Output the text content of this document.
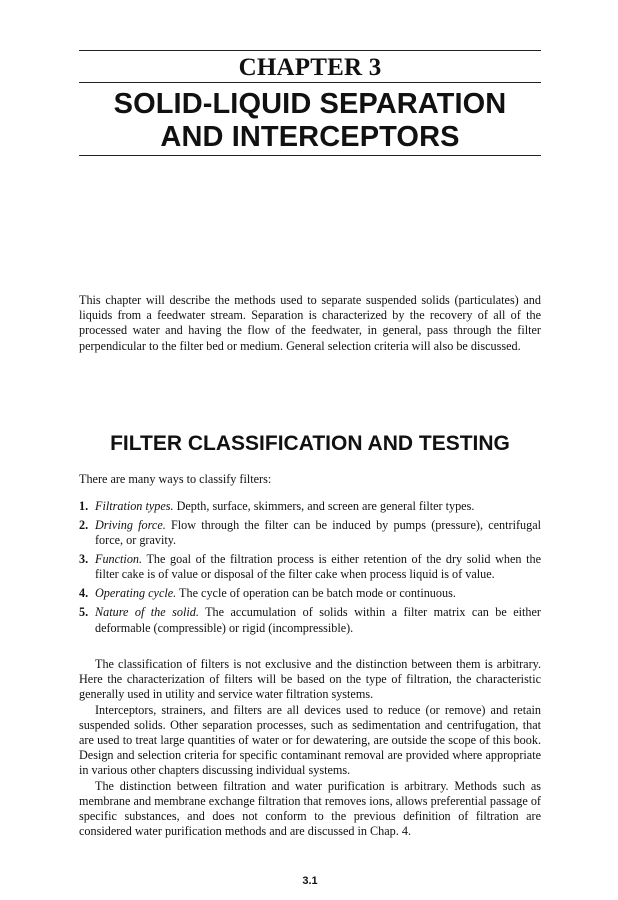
CHAPTER 3
SOLID-LIQUID SEPARATION
AND INTERCEPTORS

This chapter will describe the methods used to separate suspended solids (particulates) and liquids from a feedwater stream. Separation is characterized by the recovery of all of the processed water and having the flow of the feedwater, in general, pass through the filter perpendicular to the filter bed or medium. General selection criteria will also be discussed.

FILTER CLASSIFICATION AND TESTING

There are many ways to classify filters:

1. Filtration types. Depth, surface, skimmers, and screen are general filter types.
2. Driving force. Flow through the filter can be induced by pumps (pressure), centrifugal force, or gravity.
3. Function. The goal of the filtration process is either retention of the dry solid when the filter cake is of value or disposal of the filter cake when process liquid is of value.
4. Operating cycle. The cycle of operation can be batch mode or continuous.
5. Nature of the solid. The accumulation of solids within a filter matrix can be either deformable (compressible) or rigid (incompressible).

The classification of filters is not exclusive and the distinction between them is arbitrary. Here the characterization of filters will be based on the type of filtration, the characteristic generally used in utility and service water filtration systems.

Interceptors, strainers, and filters are all devices used to reduce (or remove) and retain suspended solids. Other separation processes, such as sedimentation and centrifugation, that are used to treat large quantities of water or for dewatering, are outside the scope of this book. Design and selection criteria for specific contaminant removal are provided where appropriate in various other chapters discussing individual systems.

The distinction between filtration and water purification is arbitrary. Methods such as membrane and membrane exchange filtration that removes ions, allows preferential passage of specific substances, and does not conform to the previous definition of filtration are considered water purification methods and are discussed in Chap. 4.

3.1
